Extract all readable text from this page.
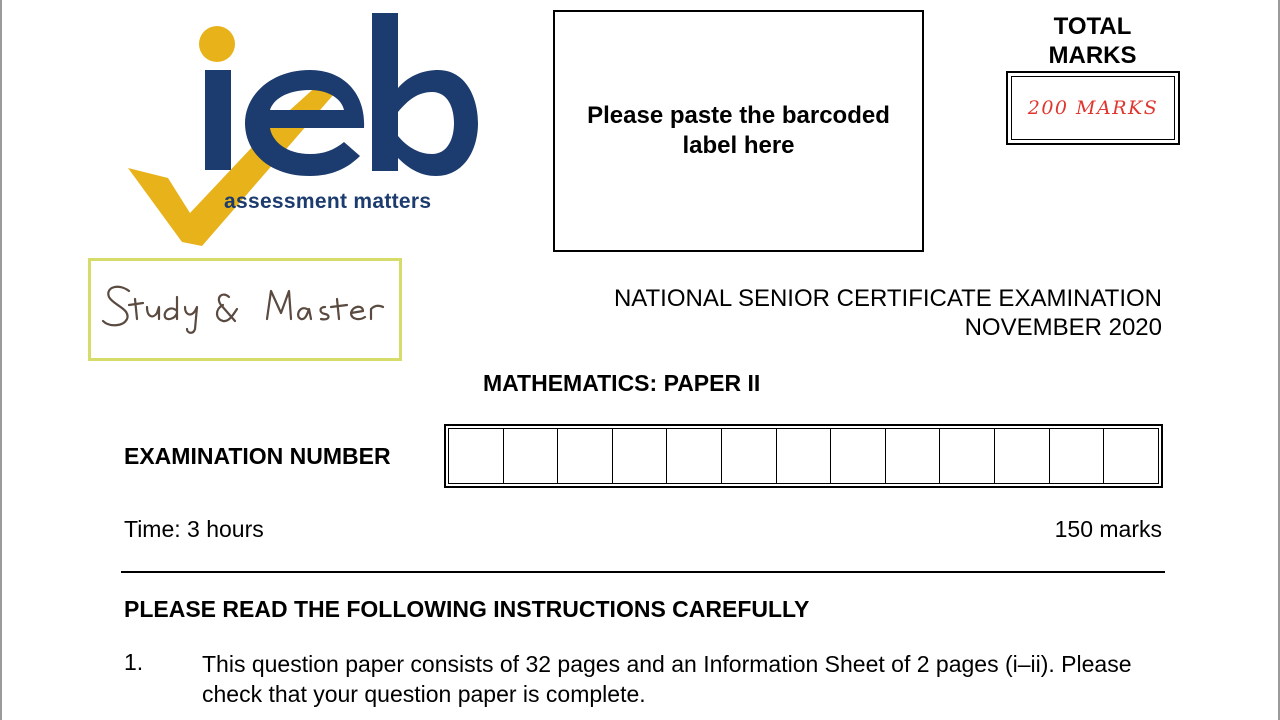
assessment matters
Please paste the barcoded label here
TOTAL
MARKS
200 MARKS
NATIONAL SENIOR CERTIFICATE EXAMINATION
NOVEMBER 2020
MATHEMATICS: PAPER II
EXAMINATION NUMBER
Time: 3 hours	150 marks
PLEASE READ THE FOLLOWING INSTRUCTIONS CAREFULLY
1.	This question paper consists of 32 pages and an Information Sheet of 2 pages (i–ii). Please check that your question paper is complete.
